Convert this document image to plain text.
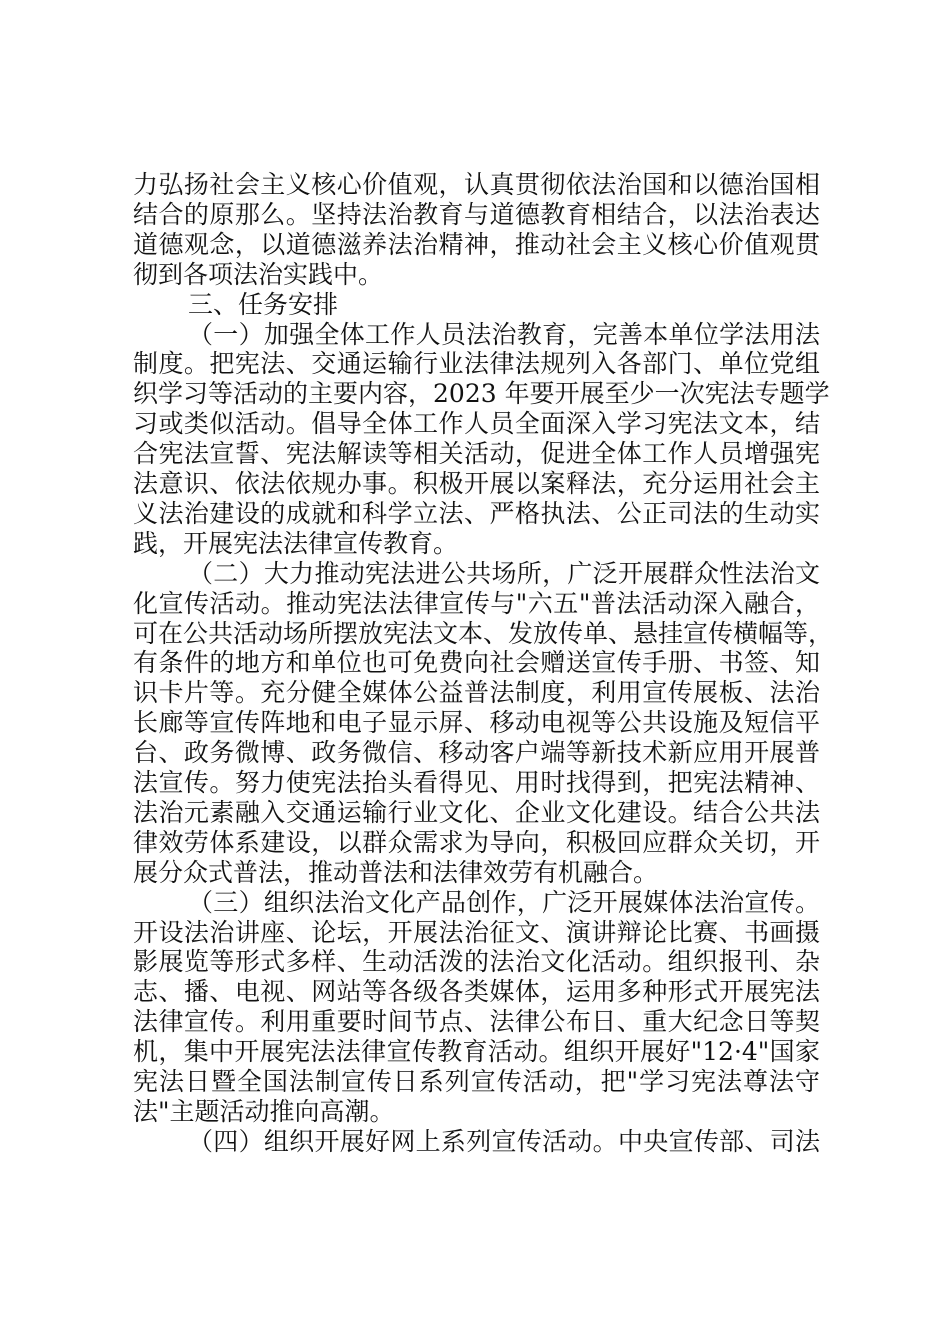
力弘扬社会主义核心价值观，认真贯彻依法治国和以德治国相
结合的原那么。坚持法治教育与道德教育相结合，以法治表达
道德观念，以道德滋养法治精神，推动社会主义核心价值观贯
彻到各项法治实践中。
三、任务安排
（一）加强全体工作人员法治教育，完善本单位学法用法
制度。把宪法、交通运输行业法律法规列入各部门、单位党组
织学习等活动的主要内容，2023 年要开展至少一次宪法专题学
习或类似活动。倡导全体工作人员全面深入学习宪法文本，结
合宪法宣誓、宪法解读等相关活动，促进全体工作人员增强宪
法意识、依法依规办事。积极开展以案释法，充分运用社会主
义法治建设的成就和科学立法、严格执法、公正司法的生动实
践，开展宪法法律宣传教育。
（二）大力推动宪法进公共场所，广泛开展群众性法治文
化宣传活动。推动宪法法律宣传与"六五"普法活动深入融合，
可在公共活动场所摆放宪法文本、发放传单、悬挂宣传横幅等，
有条件的地方和单位也可免费向社会赠送宣传手册、书签、知
识卡片等。充分健全媒体公益普法制度，利用宣传展板、法治
长廊等宣传阵地和电子显示屏、移动电视等公共设施及短信平
台、政务微博、政务微信、移动客户端等新技术新应用开展普
法宣传。努力使宪法抬头看得见、用时找得到，把宪法精神、
法治元素融入交通运输行业文化、企业文化建设。结合公共法
律效劳体系建设，以群众需求为导向，积极回应群众关切，开
展分众式普法，推动普法和法律效劳有机融合。
（三）组织法治文化产品创作，广泛开展媒体法治宣传。
开设法治讲座、论坛，开展法治征文、演讲辩论比赛、书画摄
影展览等形式多样、生动活泼的法治文化活动。组织报刊、杂
志、播、电视、网站等各级各类媒体，运用多种形式开展宪法
法律宣传。利用重要时间节点、法律公布日、重大纪念日等契
机，集中开展宪法法律宣传教育活动。组织开展好"12·4"国家
宪法日暨全国法制宣传日系列宣传活动，把"学习宪法尊法守
法"主题活动推向高潮。
（四）组织开展好网上系列宣传活动。中央宣传部、司法
